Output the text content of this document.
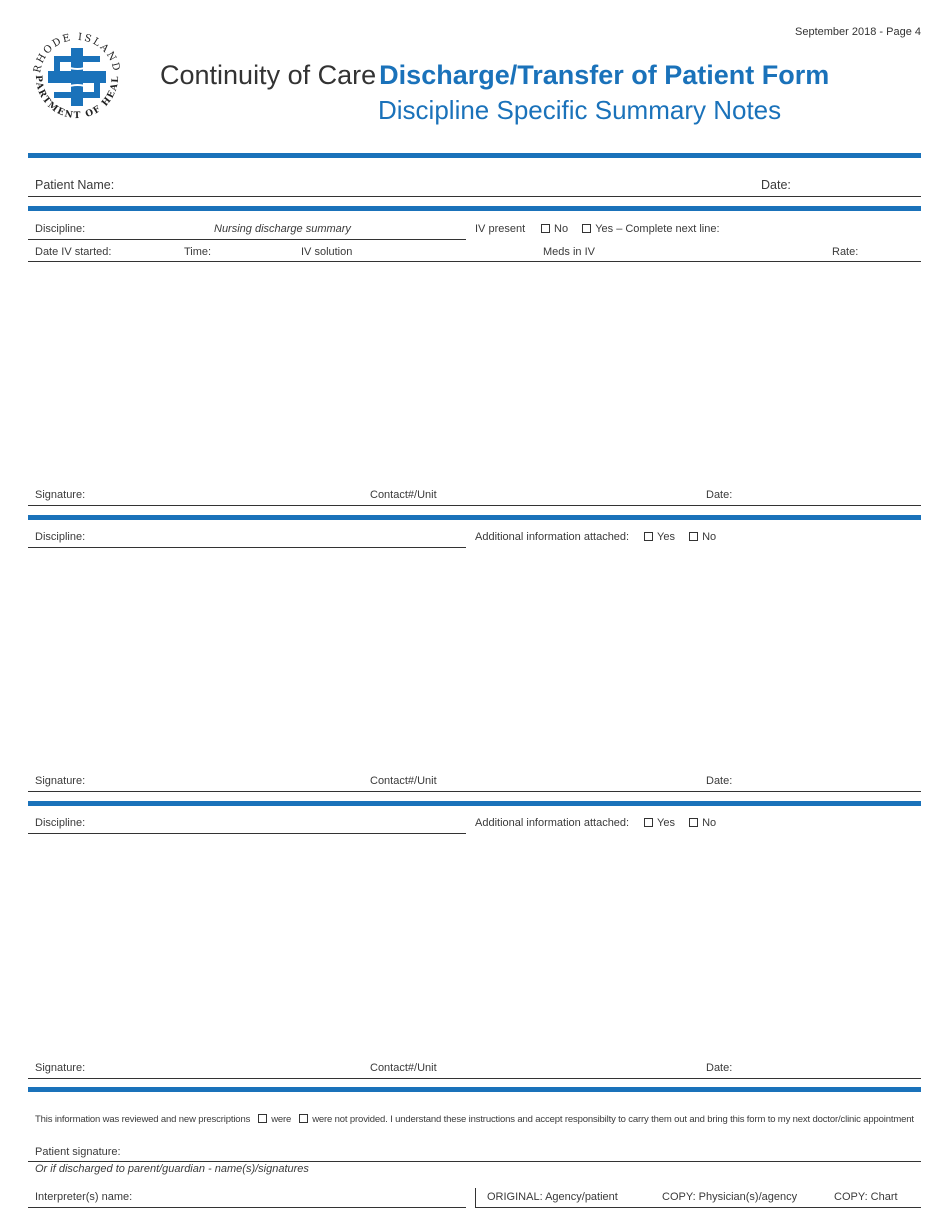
RHODE ISLAND
PARTMENT OF HEAL
September 2018 - Page 4
Continuity of Care Discharge/Transfer of Patient Form
Discipline Specific Summary Notes
Patient Name:	Date:
Discipline:	Nursing discharge summary	IV present	No Yes – Complete next line:
Date IV started:	Time:	IV solution	Meds in IV	Rate:
Signature:	Contact#/Unit	Date:
Discipline:	Additional information attached:	Yes No
Signature:	Contact#/Unit	Date:
Discipline:	Additional information attached:	Yes No
Signature:	Contact#/Unit	Date:
This information was reviewed and new prescriptions were were not provided. I understand these instructions and accept responsibilty to carry them out and bring this form to my next doctor/clinic appointment
Patient signature:
Or if discharged to parent/guardian - name(s)/signatures
Interpreter(s) name:	ORIGINAL: Agency/patient	COPY: Physician(s)/agency	COPY: Chart
